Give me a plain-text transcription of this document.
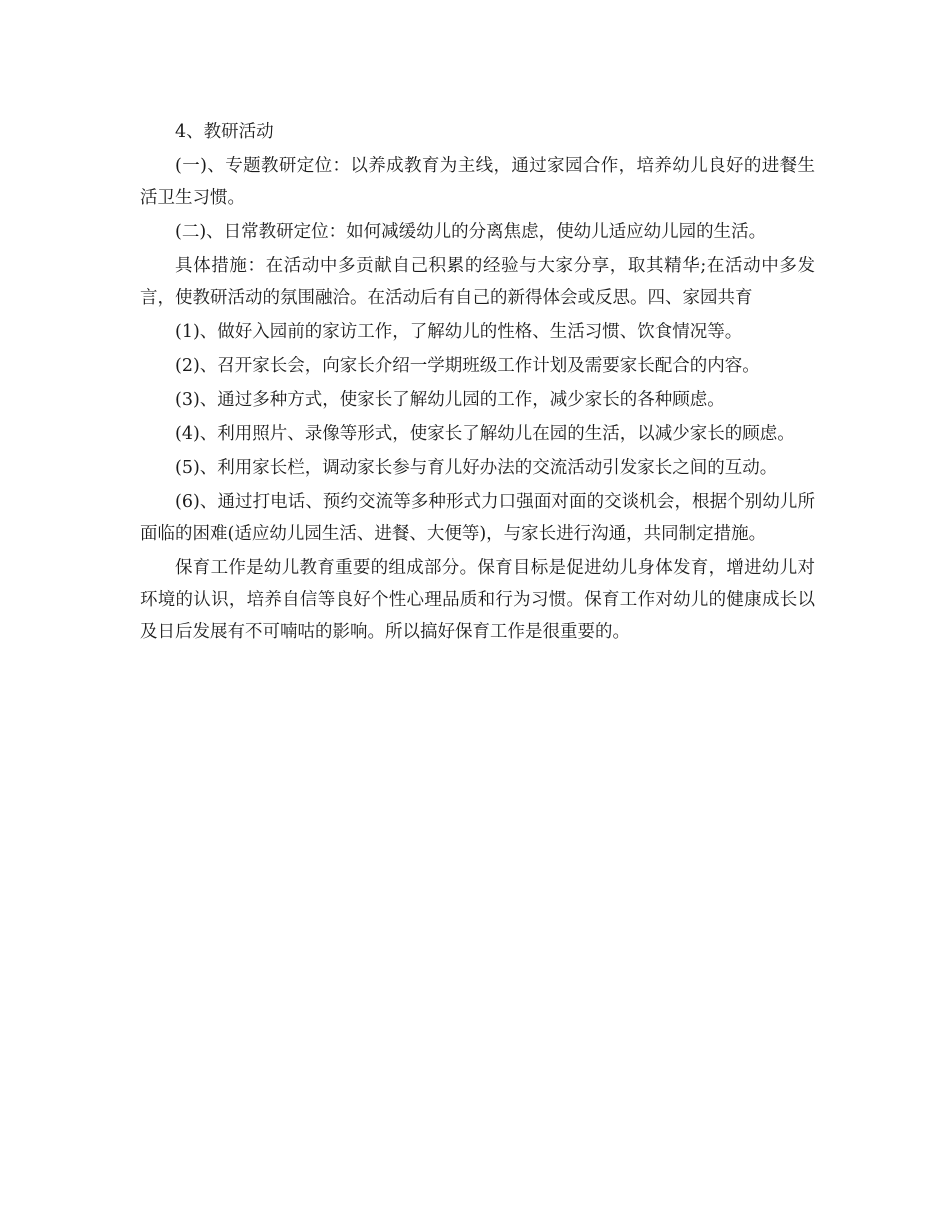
4、教研活动

(一)、专题教研定位：以养成教育为主线，通过家园合作，培养幼儿良好的进餐生活卫生习惯。

(二)、日常教研定位：如何减缓幼儿的分离焦虑，使幼儿适应幼儿园的生活。

具体措施：在活动中多贡献自己积累的经验与大家分享，取其精华;在活动中多发言，使教研活动的氛围融洽。在活动后有自己的新得体会或反思。四、家园共育

(1)、做好入园前的家访工作，了解幼儿的性格、生活习惯、饮食情况等。

(2)、召开家长会，向家长介绍一学期班级工作计划及需要家长配合的内容。

(3)、通过多种方式，使家长了解幼儿园的工作，减少家长的各种顾虑。

(4)、利用照片、录像等形式，使家长了解幼儿在园的生活，以减少家长的顾虑。

(5)、利用家长栏，调动家长参与育儿好办法的交流活动引发家长之间的互动。

(6)、通过打电话、预约交流等多种形式力口强面对面的交谈机会，根据个别幼儿所面临的困难(适应幼儿园生活、进餐、大便等)，与家长进行沟通，共同制定措施。

保育工作是幼儿教育重要的组成部分。保育目标是促进幼儿身体发育，增进幼儿对环境的认识，培养自信等良好个性心理品质和行为习惯。保育工作对幼儿的健康成长以及日后发展有不可喃咕的影响。所以搞好保育工作是很重要的。
